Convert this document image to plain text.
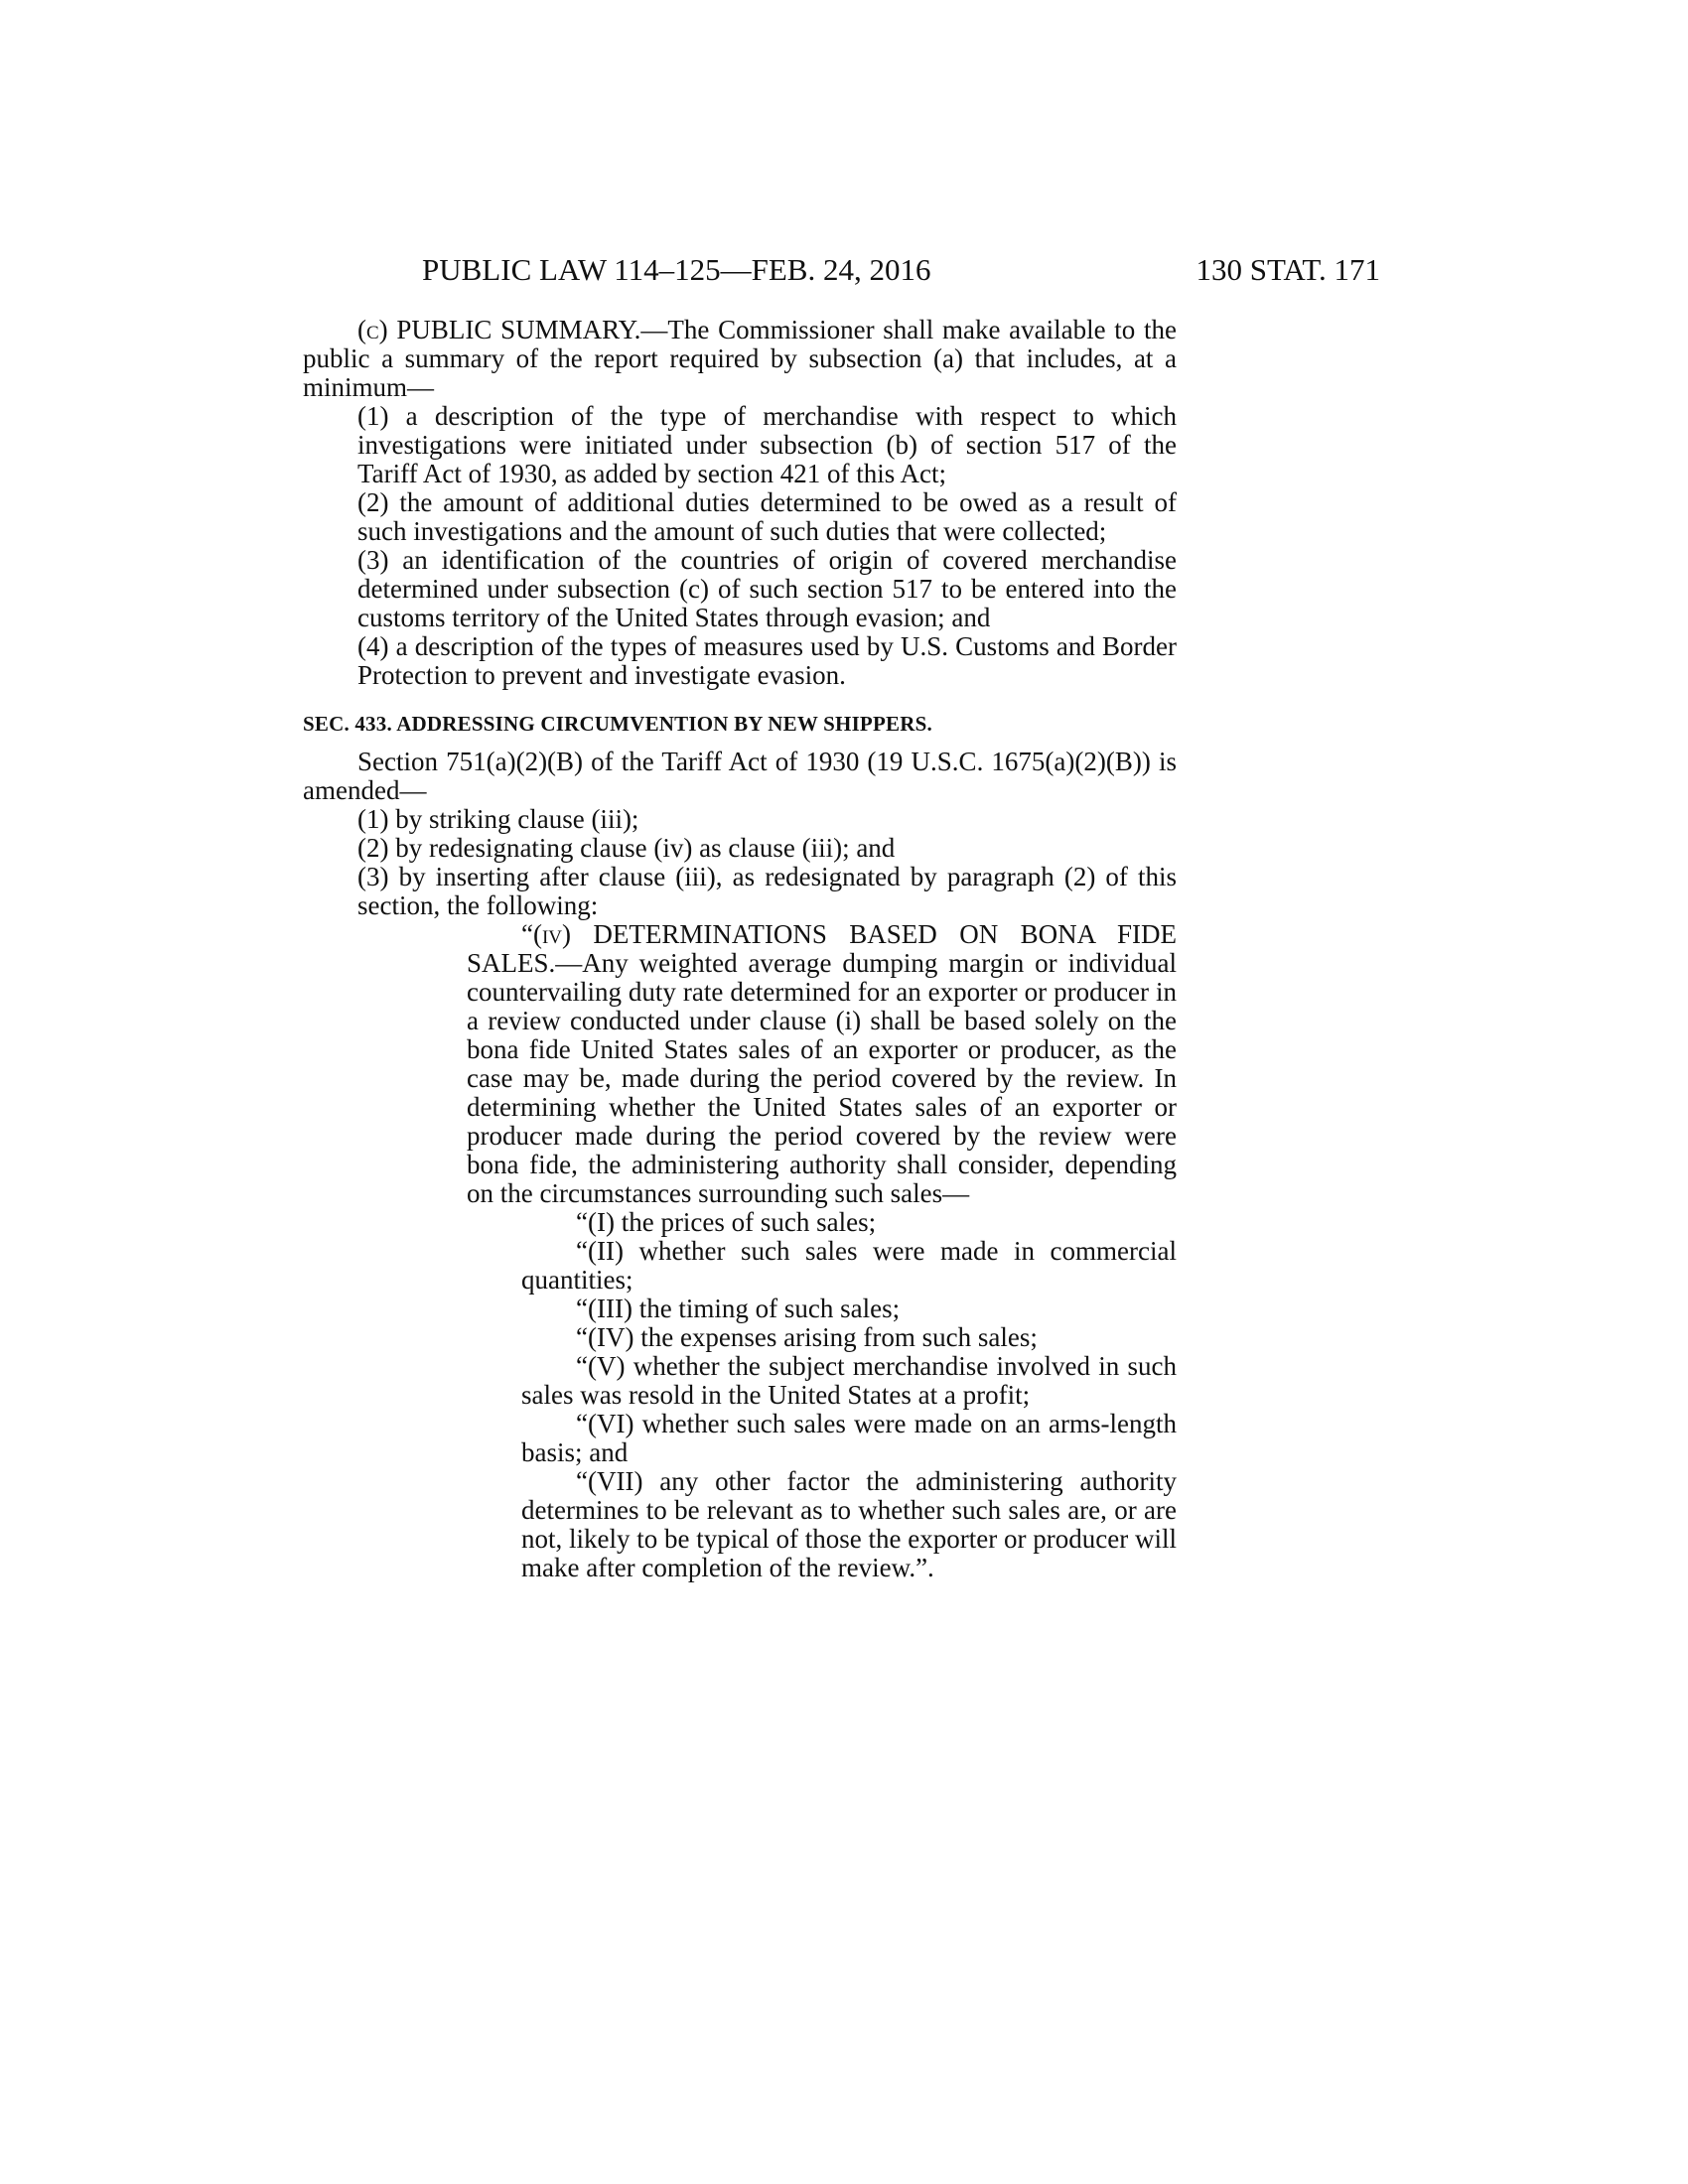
PUBLIC LAW 114–125—FEB. 24, 2016	130 STAT. 171

(c) PUBLIC SUMMARY.—The Commissioner shall make available to the public a summary of the report required by subsection (a) that includes, at a minimum—

(1) a description of the type of merchandise with respect to which investigations were initiated under subsection (b) of section 517 of the Tariff Act of 1930, as added by section 421 of this Act;

(2) the amount of additional duties determined to be owed as a result of such investigations and the amount of such duties that were collected;

(3) an identification of the countries of origin of covered merchandise determined under subsection (c) of such section 517 to be entered into the customs territory of the United States through evasion; and

(4) a description of the types of measures used by U.S. Customs and Border Protection to prevent and investigate evasion.

SEC. 433. ADDRESSING CIRCUMVENTION BY NEW SHIPPERS.

Section 751(a)(2)(B) of the Tariff Act of 1930 (19 U.S.C. 1675(a)(2)(B)) is amended—

(1) by striking clause (iii);

(2) by redesignating clause (iv) as clause (iii); and

(3) by inserting after clause (iii), as redesignated by paragraph (2) of this section, the following:

“(iv) DETERMINATIONS BASED ON BONA FIDE SALES.—Any weighted average dumping margin or individual countervailing duty rate determined for an exporter or producer in a review conducted under clause (i) shall be based solely on the bona fide United States sales of an exporter or producer, as the case may be, made during the period covered by the review. In determining whether the United States sales of an exporter or producer made during the period covered by the review were bona fide, the administering authority shall consider, depending on the circumstances surrounding such sales—

“(I) the prices of such sales;

“(II) whether such sales were made in commercial quantities;

“(III) the timing of such sales;

“(IV) the expenses arising from such sales;

“(V) whether the subject merchandise involved in such sales was resold in the United States at a profit;

“(VI) whether such sales were made on an arms-length basis; and

“(VII) any other factor the administering authority determines to be relevant as to whether such sales are, or are not, likely to be typical of those the exporter or producer will make after completion of the review.”.
